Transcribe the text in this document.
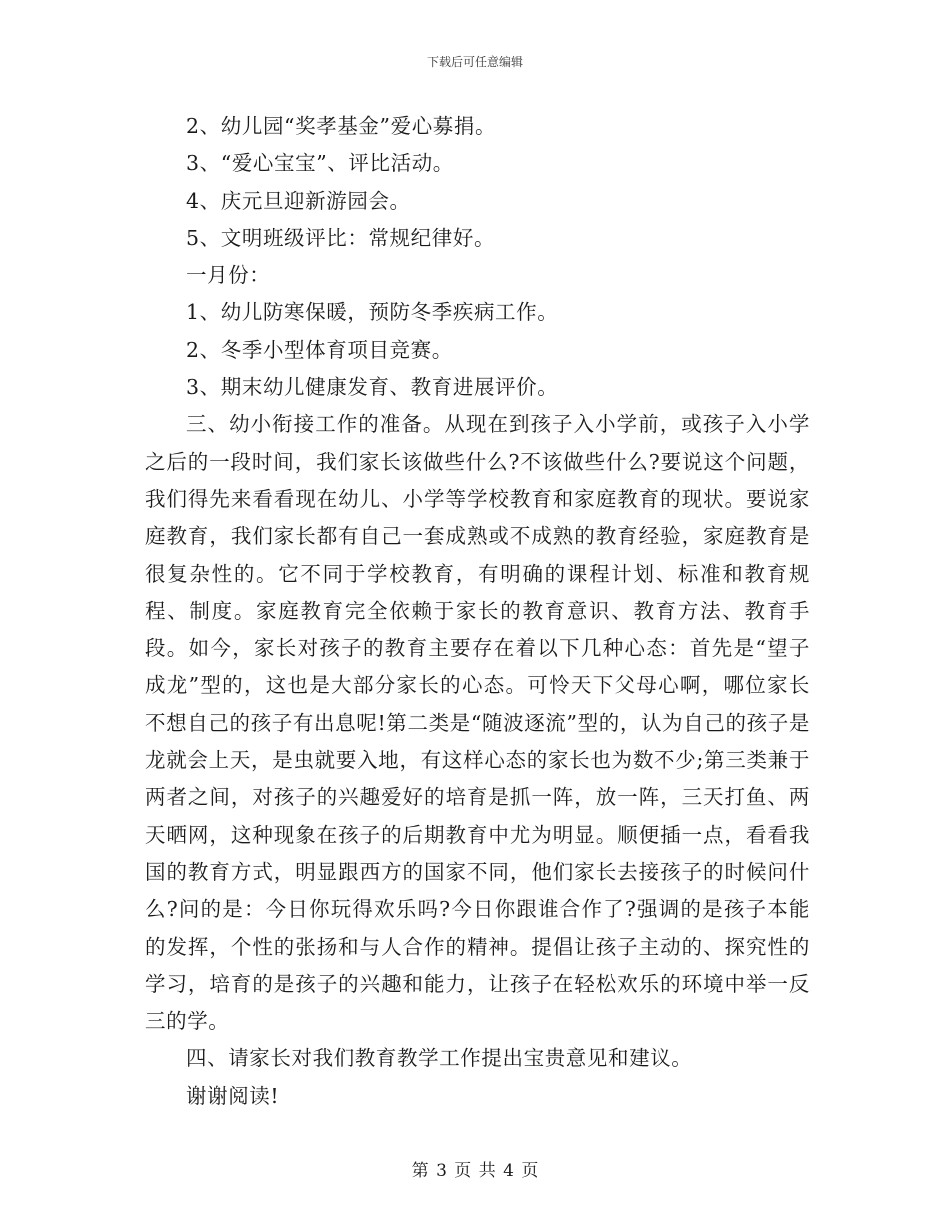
下载后可任意编辑
2、幼儿园“奖孝基金”爱心募捐。
3、“爱心宝宝”、评比活动。
4、庆元旦迎新游园会。
5、文明班级评比：常规纪律好。
一月份：
1、幼儿防寒保暖，预防冬季疾病工作。
2、冬季小型体育项目竞赛。
3、期末幼儿健康发育、教育进展评价。

三、幼小衔接工作的准备。从现在到孩子入小学前，或孩子入小学之后的一段时间，我们家长该做些什么?不该做些什么?要说这个问题，我们得先来看看现在幼儿、小学等学校教育和家庭教育的现状。要说家庭教育，我们家长都有自己一套成熟或不成熟的教育经验，家庭教育是很复杂性的。它不同于学校教育，有明确的课程计划、标准和教育规程、制度。家庭教育完全依赖于家长的教育意识、教育方法、教育手段。如今，家长对孩子的教育主要存在着以下几种心态：首先是“望子成龙”型的，这也是大部分家长的心态。可怜天下父母心啊，哪位家长不想自己的孩子有出息呢!第二类是“随波逐流”型的，认为自己的孩子是龙就会上天，是虫就要入地，有这样心态的家长也为数不少;第三类兼于两者之间，对孩子的兴趣爱好的培育是抓一阵，放一阵，三天打鱼、两天晒网，这种现象在孩子的后期教育中尤为明显。顺便插一点，看看我国的教育方式，明显跟西方的国家不同，他们家长去接孩子的时候问什么?问的是：今日你玩得欢乐吗?今日你跟谁合作了?强调的是孩子本能的发挥，个性的张扬和与人合作的精神。提倡让孩子主动的、探究性的学习，培育的是孩子的兴趣和能力，让孩子在轻松欢乐的环境中举一反三的学。

四、请家长对我们教育教学工作提出宝贵意见和建议。
谢谢阅读!
第 3 页 共 4 页
